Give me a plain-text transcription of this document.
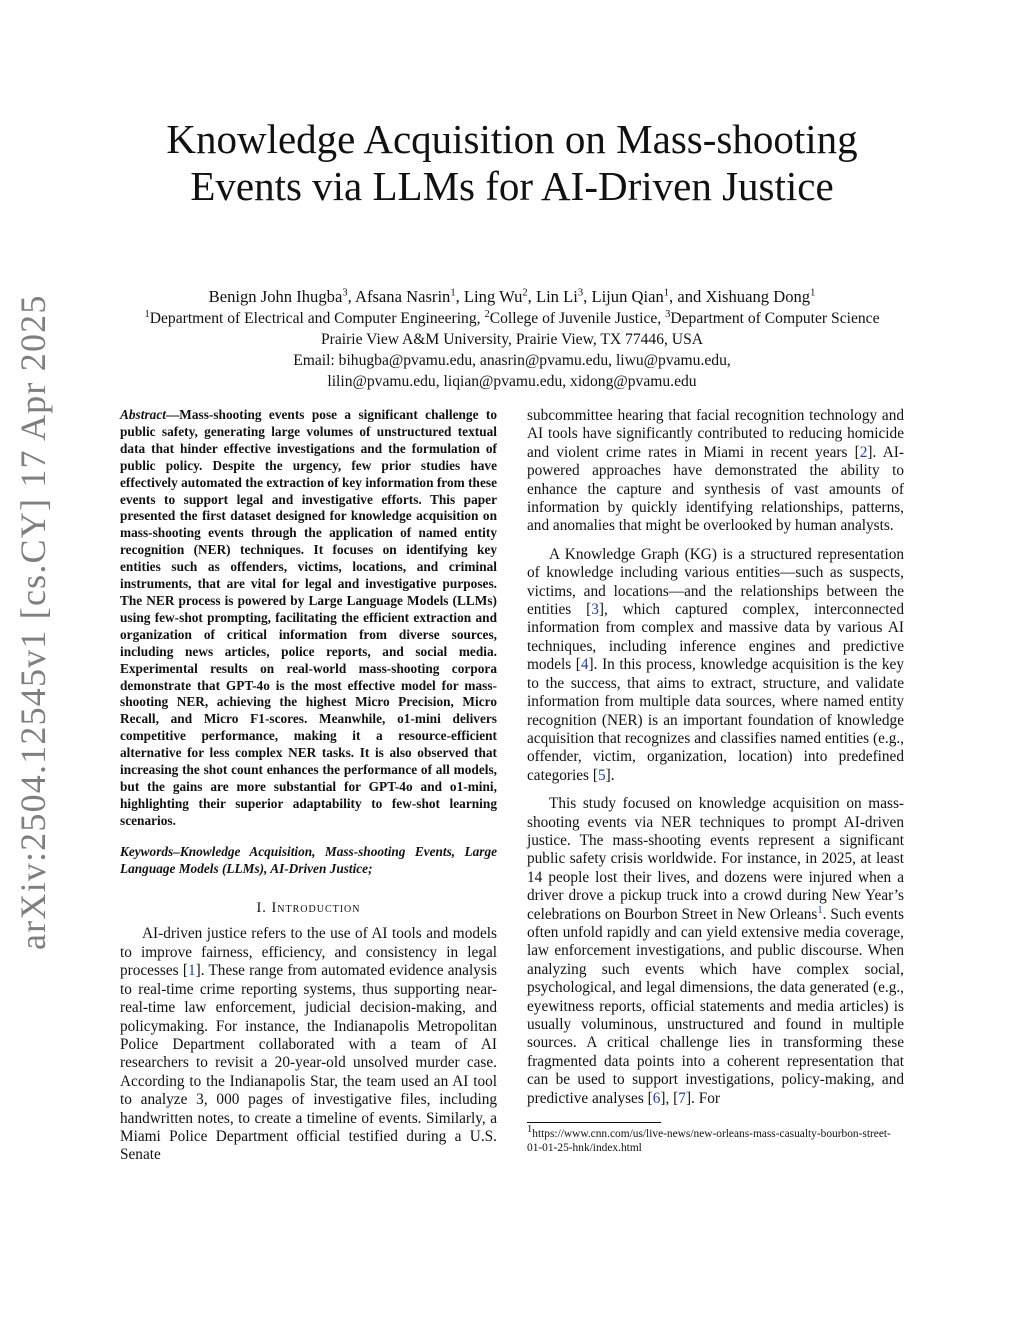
arXiv:2504.12545v1 [cs.CY] 17 Apr 2025
Knowledge Acquisition on Mass-shooting
Events via LLMs for AI-Driven Justice
Benign John Ihugba$^3$, Afsana Nasrin$^1$, Ling Wu$^2$, Lin Li$^3$, Lijun Qian$^1$, and Xishuang Dong$^1$
$^1$Department of Electrical and Computer Engineering, $^2$College of Juvenile Justice, $^3$Department of Computer Science
Prairie View A&M University, Prairie View, TX 77446, USA
Email: bihugba@pvamu.edu, anasrin@pvamu.edu, liwu@pvamu.edu,
lilin@pvamu.edu, liqian@pvamu.edu, xidong@pvamu.edu
Abstract—Mass-shooting events pose a significant challenge to public safety, generating large volumes of unstructured textual data that hinder effective investigations and the formulation of public policy. Despite the urgency, few prior studies have effectively automated the extraction of key information from these events to support legal and investigative efforts. This paper presented the first dataset designed for knowledge acquisition on mass-shooting events through the application of named entity recognition (NER) techniques. It focuses on identifying key entities such as offenders, victims, locations, and criminal instruments, that are vital for legal and investigative purposes. The NER process is powered by Large Language Models (LLMs) using few-shot prompting, facilitating the efficient extraction and organization of critical information from diverse sources, including news articles, police reports, and social media. Experimental results on real-world mass-shooting corpora demonstrate that GPT-4o is the most effective model for mass-shooting NER, achieving the highest Micro Precision, Micro Recall, and Micro F1-scores. Meanwhile, o1-mini delivers competitive performance, making it a resource-efficient alternative for less complex NER tasks. It is also observed that increasing the shot count enhances the performance of all models, but the gains are more substantial for GPT-4o and o1-mini, highlighting their superior adaptability to few-shot learning scenarios.
Keywords–Knowledge Acquisition, Mass-shooting Events, Large Language Models (LLMs), AI-Driven Justice;
I. Introduction

AI-driven justice refers to the use of AI tools and models to improve fairness, efficiency, and consistency in legal processes [1]. These range from automated evidence analysis to real-time crime reporting systems, thus supporting near-real-time law enforcement, judicial decision-making, and policymaking. For instance, the Indianapolis Metropolitan Police Department collaborated with a team of AI researchers to revisit a 20-year-old unsolved murder case. According to the Indianapolis Star, the team used an AI tool to analyze 3, 000 pages of investigative files, including handwritten notes, to create a timeline of events. Similarly, a Miami Police Department official testified during a U.S. Senate

subcommittee hearing that facial recognition technology and AI tools have significantly contributed to reducing homicide and violent crime rates in Miami in recent years [2]. AI-powered approaches have demonstrated the ability to enhance the capture and synthesis of vast amounts of information by quickly identifying relationships, patterns, and anomalies that might be overlooked by human analysts.

A Knowledge Graph (KG) is a structured representation of knowledge including various entities—such as suspects, victims, and locations—and the relationships between the entities [3], which captured complex, interconnected information from complex and massive data by various AI techniques, including inference engines and predictive models [4]. In this process, knowledge acquisition is the key to the success, that aims to extract, structure, and validate information from multiple data sources, where named entity recognition (NER) is an important foundation of knowledge acquisition that recognizes and classifies named entities (e.g., offender, victim, organization, location) into predefined categories [5].

This study focused on knowledge acquisition on mass-shooting events via NER techniques to prompt AI-driven justice. The mass-shooting events represent a significant public safety crisis worldwide. For instance, in 2025, at least 14 people lost their lives, and dozens were injured when a driver drove a pickup truck into a crowd during New Year’s celebrations on Bourbon Street in New Orleans$^1$. Such events often unfold rapidly and can yield extensive media coverage, law enforcement investigations, and public discourse. When analyzing such events which have complex social, psychological, and legal dimensions, the data generated (e.g., eyewitness reports, official statements and media articles) is usually voluminous, unstructured and found in multiple sources. A critical challenge lies in transforming these fragmented data points into a coherent representation that can be used to support investigations, policy-making, and predictive analyses [6], [7]. For

$^1$https://www.cnn.com/us/live-news/new-orleans-mass-casualty-bourbon-street-01-01-25-hnk/index.html
